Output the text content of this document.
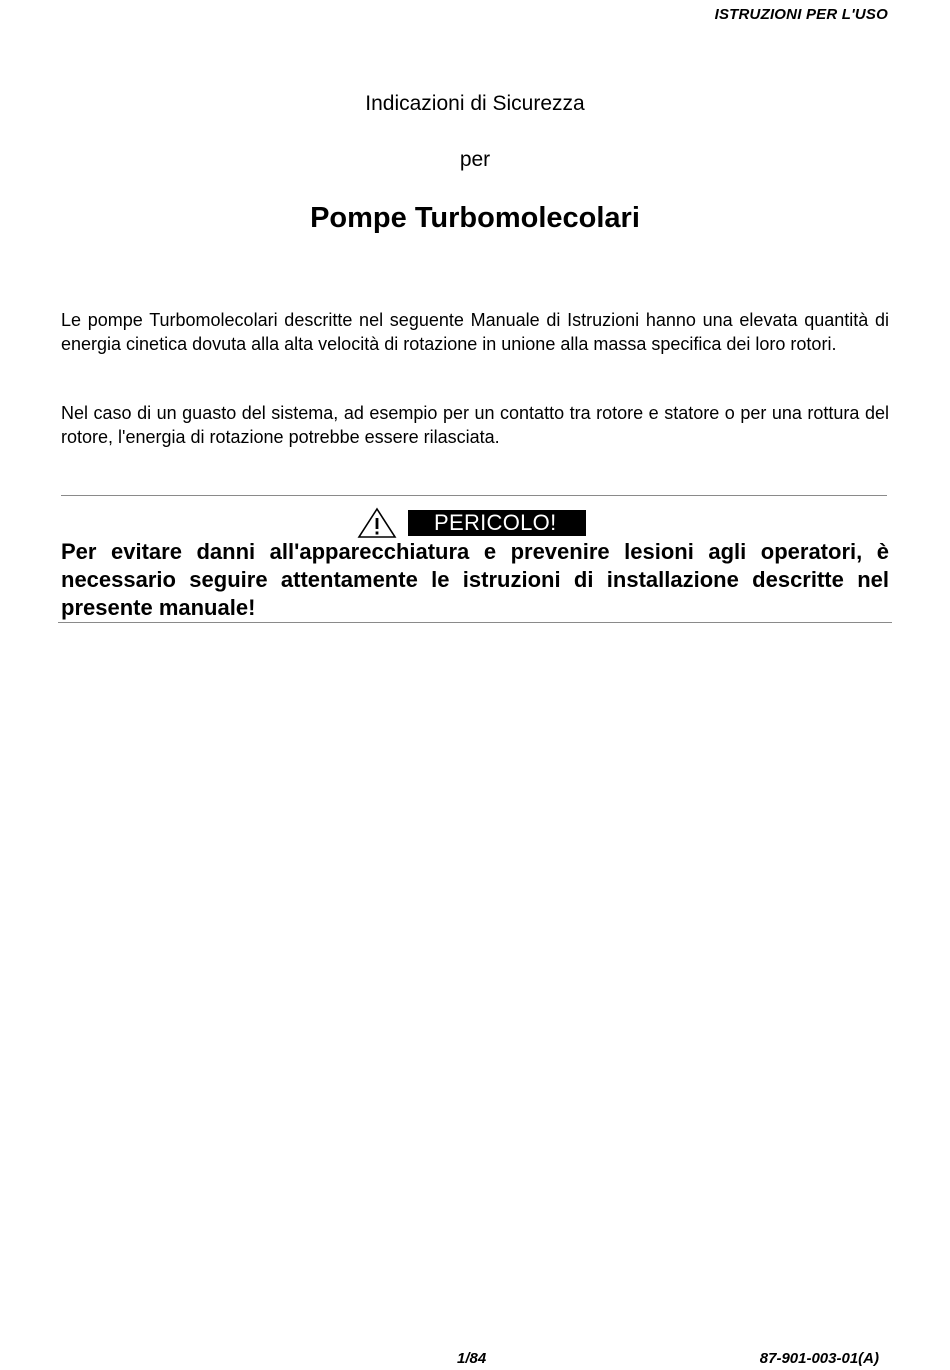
ISTRUZIONI PER L'USO
Indicazioni di Sicurezza
per
Pompe Turbomolecolari

Le pompe Turbomolecolari descritte nel seguente Manuale di Istruzioni hanno una elevata quantità di energia cinetica dovuta alla alta velocità di rotazione in unione alla massa specifica dei loro rotori.

Nel caso di un guasto del sistema, ad esempio per un contatto tra rotore e statore o per una rottura del rotore, l'energia di rotazione potrebbe essere rilasciata.

PERICOLO!

Per evitare danni all'apparecchiatura e prevenire lesioni agli operatori, è necessario seguire attentamente le istruzioni di installazione descritte nel presente manuale!

1/84	87-901-003-01(A)
